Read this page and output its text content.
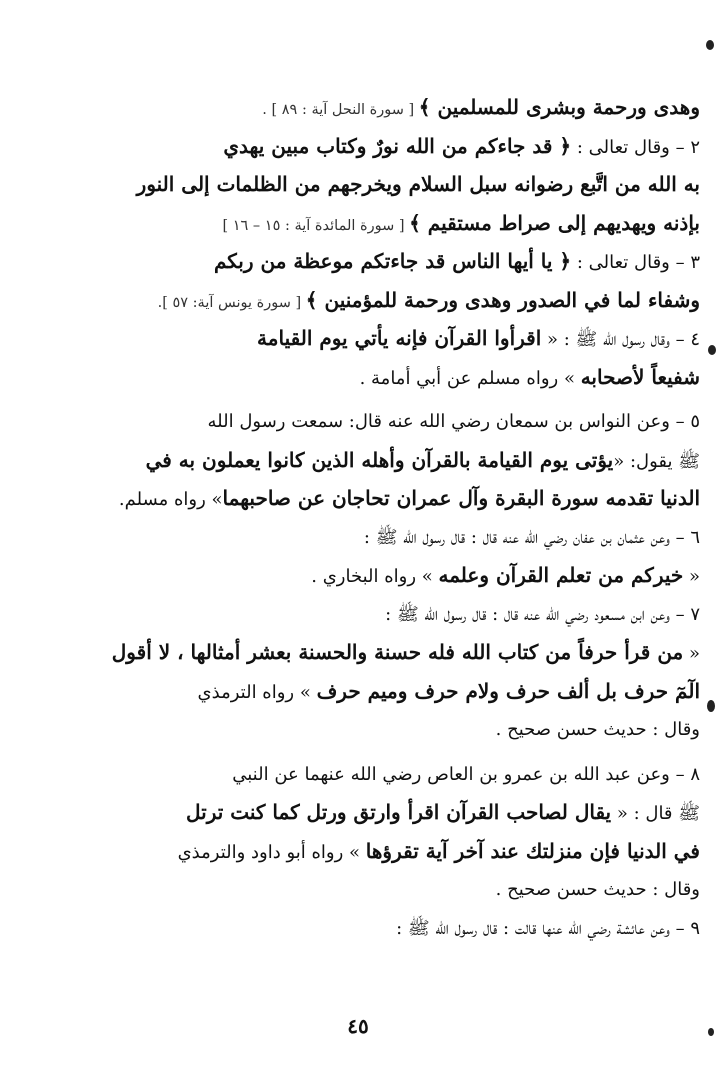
وهدى ورحمة وبشرى للمسلمين ﴾ [ سورة النحل آية : ٨٩ ] .
٢ – وقال تعالى : ﴿ قد جاءكم من الله نورٌ وكتاب مبين يهدي
به الله من اتَّبع رضوانه سبل السلام ويخرجهم من الظلمات إلى النور
بإذنه ويهديهم إلى صراط مستقيم ﴾ [ سورة المائدة آية : ١٥ – ١٦ ]
٣ – وقال تعالى : ﴿ يا أيها الناس قد جاءتكم موعظة من ربكم
وشفاء لما في الصدور وهدى ورحمة للمؤمنين ﴾ [ سورة يونس آية: ٥٧ ].
٤ – وقال رسول الله ﷺ : « اقرأوا القرآن فإنه يأتي يوم القيامة
شفيعاً لأصحابه » رواه مسلم عن أبي أمامة .
٥ – وعن النواس بن سمعان رضي الله عنه قال: سمعت رسول الله
ﷺ يقول: «يؤتى يوم القيامة بالقرآن وأهله الذين كانوا يعملون به في
الدنيا تقدمه سورة البقرة وآل عمران تحاجان عن صاحبهما» رواه مسلم.
٦ – وعن عثمان بن عفان رضي الله عنه قال : قال رسول الله ﷺ :
« خيركم من تعلم القرآن وعلمه » رواه البخاري .
٧ – وعن ابن مسعود رضي الله عنه قال : قال رسول الله ﷺ :
« من قرأ حرفاً من كتاب الله فله حسنة والحسنة بعشر أمثالها ، لا أقول
الٓمٓ حرف بل ألف حرف ولام حرف وميم حرف » رواه الترمذي
وقال : حديث حسن صحيح .
٨ – وعن عبد الله بن عمرو بن العاص رضي الله عنهما عن النبي
ﷺ قال : « يقال لصاحب القرآن اقرأ وارتق ورتل كما كنت ترتل
في الدنيا فإن منزلتك عند آخر آية تقرؤها » رواه أبو داود والترمذي
وقال : حديث حسن صحيح .
٩ – وعن عائشة رضي الله عنها قالت : قال رسول الله ﷺ :
٤٥
